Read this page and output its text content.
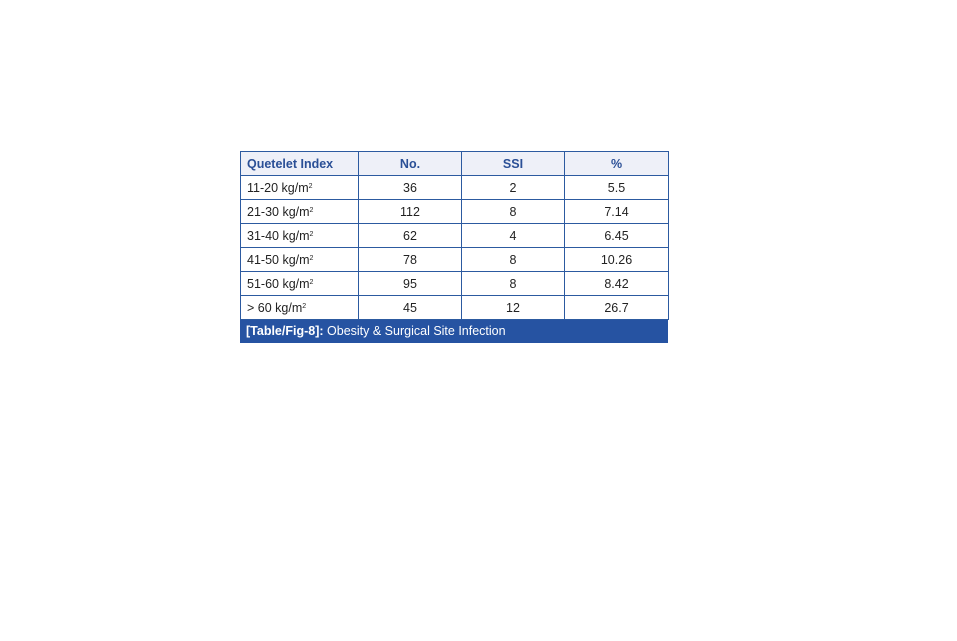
Quetelet Index	No.	SSI	%
11-20 $kg/m^2$	36	2	5.5
21-30 $kg/m^2$	112	8	7.14
31-40 $kg/m^2$	62	4	6.45
41-50 $kg/m^2$	78	8	10.26
51-60 $kg/m^2$	95	8	8.42
> 60 $kg/m^2$	45	12	26.7
[Table/Fig-8]: Obesity & Surgical Site Infection
